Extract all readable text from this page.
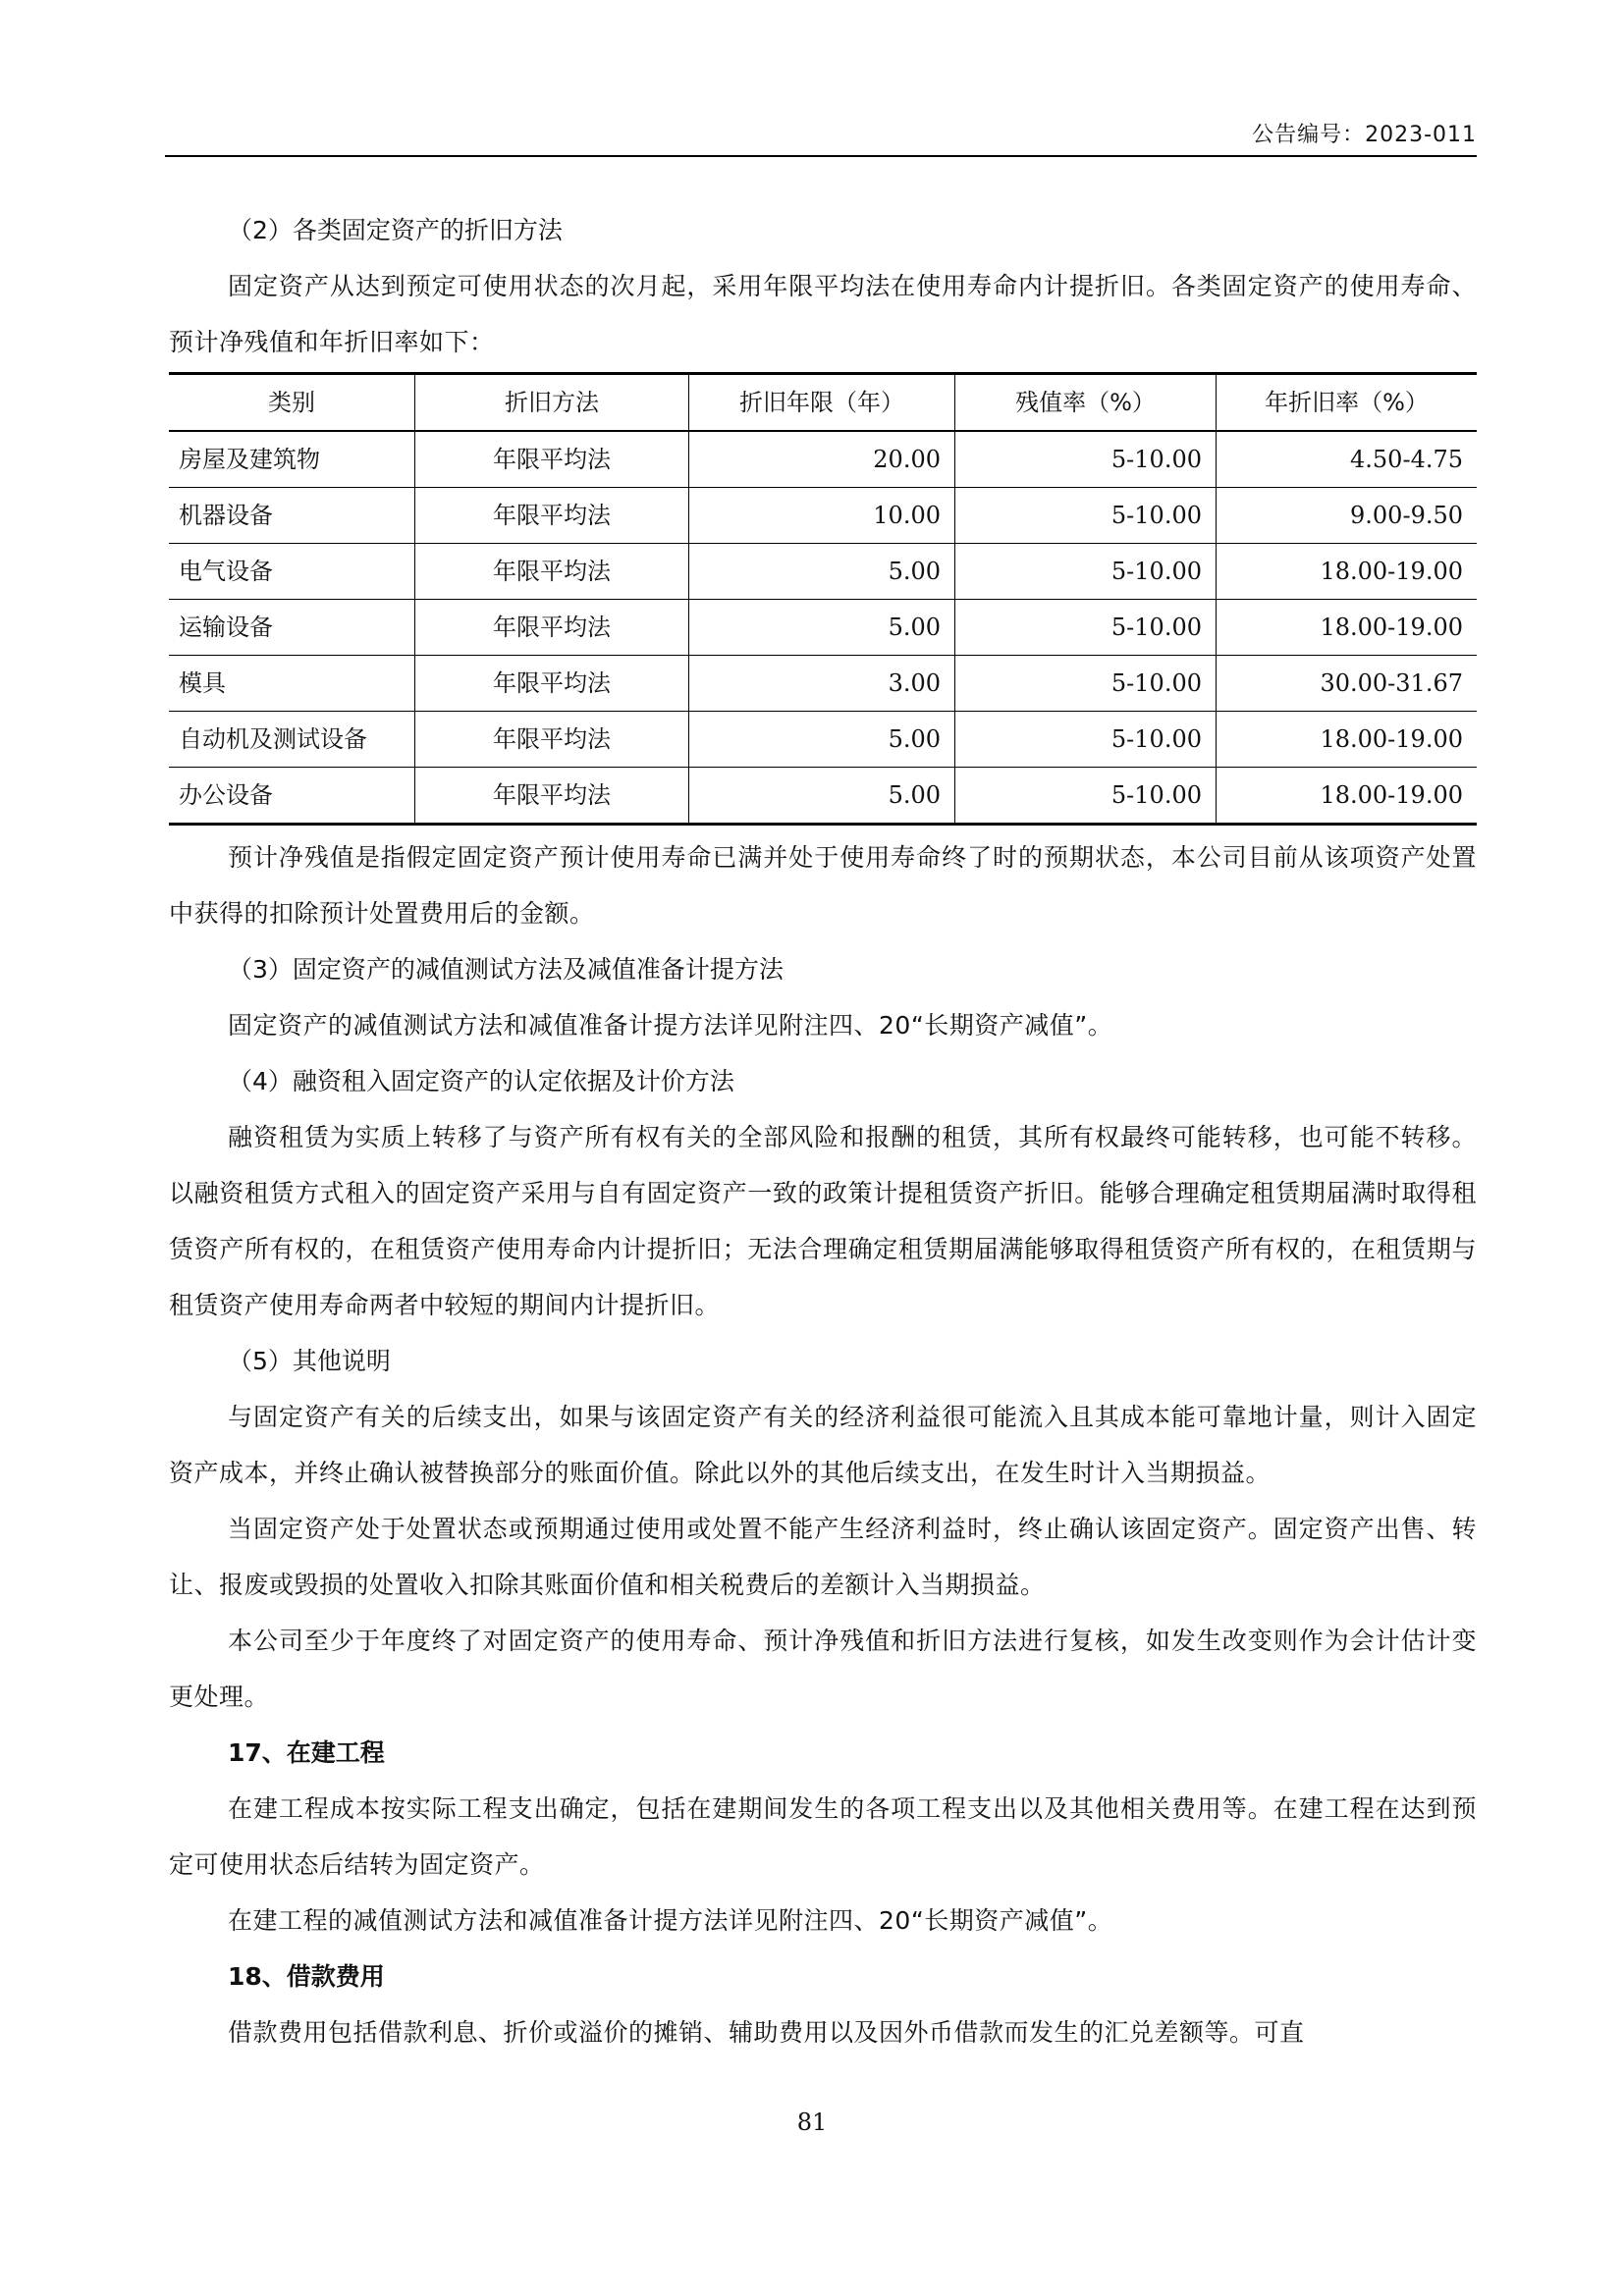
公告编号：2023-011

（2）各类固定资产的折旧方法

固定资产从达到预定可使用状态的次月起，采用年限平均法在使用寿命内计提折旧。各类固定资产的使用寿命、预计净残值和年折旧率如下：

类别	折旧方法	折旧年限（年）	残值率（%）	年折旧率（%）
房屋及建筑物	年限平均法	20.00	5-10.00	4.50-4.75
机器设备	年限平均法	10.00	5-10.00	9.00-9.50
电气设备	年限平均法	5.00	5-10.00	18.00-19.00
运输设备	年限平均法	5.00	5-10.00	18.00-19.00
模具	年限平均法	3.00	5-10.00	30.00-31.67
自动机及测试设备	年限平均法	5.00	5-10.00	18.00-19.00
办公设备	年限平均法	5.00	5-10.00	18.00-19.00

预计净残值是指假定固定资产预计使用寿命已满并处于使用寿命终了时的预期状态，本公司目前从该项资产处置中获得的扣除预计处置费用后的金额。

（3）固定资产的减值测试方法及减值准备计提方法

固定资产的减值测试方法和减值准备计提方法详见附注四、20“长期资产减值”。

（4）融资租入固定资产的认定依据及计价方法

融资租赁为实质上转移了与资产所有权有关的全部风险和报酬的租赁，其所有权最终可能转移，也可能不转移。以融资租赁方式租入的固定资产采用与自有固定资产一致的政策计提租赁资产折旧。能够合理确定租赁期届满时取得租赁资产所有权的，在租赁资产使用寿命内计提折旧；无法合理确定租赁期届满能够取得租赁资产所有权的，在租赁期与租赁资产使用寿命两者中较短的期间内计提折旧。

（5）其他说明

与固定资产有关的后续支出，如果与该固定资产有关的经济利益很可能流入且其成本能可靠地计量，则计入固定资产成本，并终止确认被替换部分的账面价值。除此以外的其他后续支出，在发生时计入当期损益。

当固定资产处于处置状态或预期通过使用或处置不能产生经济利益时，终止确认该固定资产。固定资产出售、转让、报废或毁损的处置收入扣除其账面价值和相关税费后的差额计入当期损益。

本公司至少于年度终了对固定资产的使用寿命、预计净残值和折旧方法进行复核，如发生改变则作为会计估计变更处理。

17、在建工程

在建工程成本按实际工程支出确定，包括在建期间发生的各项工程支出以及其他相关费用等。在建工程在达到预定可使用状态后结转为固定资产。

在建工程的减值测试方法和减值准备计提方法详见附注四、20“长期资产减值”。

18、借款费用

借款费用包括借款利息、折价或溢价的摊销、辅助费用以及因外币借款而发生的汇兑差额等。可直

81
